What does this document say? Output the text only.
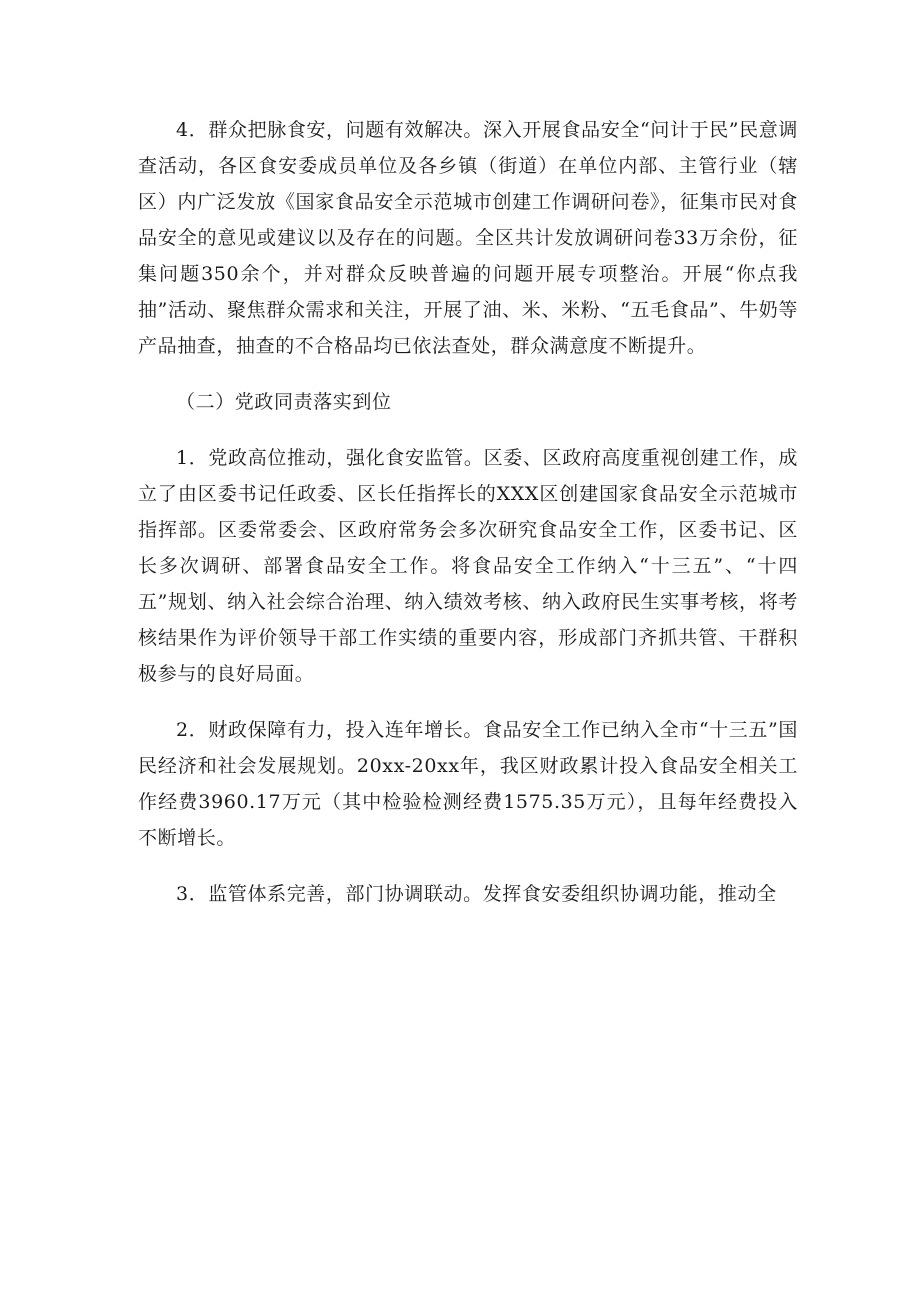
4．群众把脉食安，问题有效解决。深入开展食品安全“问计于民”民意调查活动，各区食安委成员单位及各乡镇（街道）在单位内部、主管行业（辖区）内广泛发放《国家食品安全示范城市创建工作调研问卷》，征集市民对食品安全的意见或建议以及存在的问题。全区共计发放调研问卷33万余份，征集问题350余个，并对群众反映普遍的问题开展专项整治。开展“你点我抽”活动、聚焦群众需求和关注，开展了油、米、米粉、“五毛食品”、牛奶等产品抽查，抽查的不合格品均已依法查处，群众满意度不断提升。

（二）党政同责落实到位

1．党政高位推动，强化食安监管。区委、区政府高度重视创建工作，成立了由区委书记任政委、区长任指挥长的XXX区创建国家食品安全示范城市指挥部。区委常委会、区政府常务会多次研究食品安全工作，区委书记、区长多次调研、部署食品安全工作。将食品安全工作纳入“十三五”、“十四五”规划、纳入社会综合治理、纳入绩效考核、纳入政府民生实事考核，将考核结果作为评价领导干部工作实绩的重要内容，形成部门齐抓共管、干群积极参与的良好局面。

2．财政保障有力，投入连年增长。食品安全工作已纳入全市“十三五”国民经济和社会发展规划。20xx-20xx年，我区财政累计投入食品安全相关工作经费3960.17万元（其中检验检测经费1575.35万元），且每年经费投入不断增长。

3．监管体系完善，部门协调联动。发挥食安委组织协调功能，推动全
